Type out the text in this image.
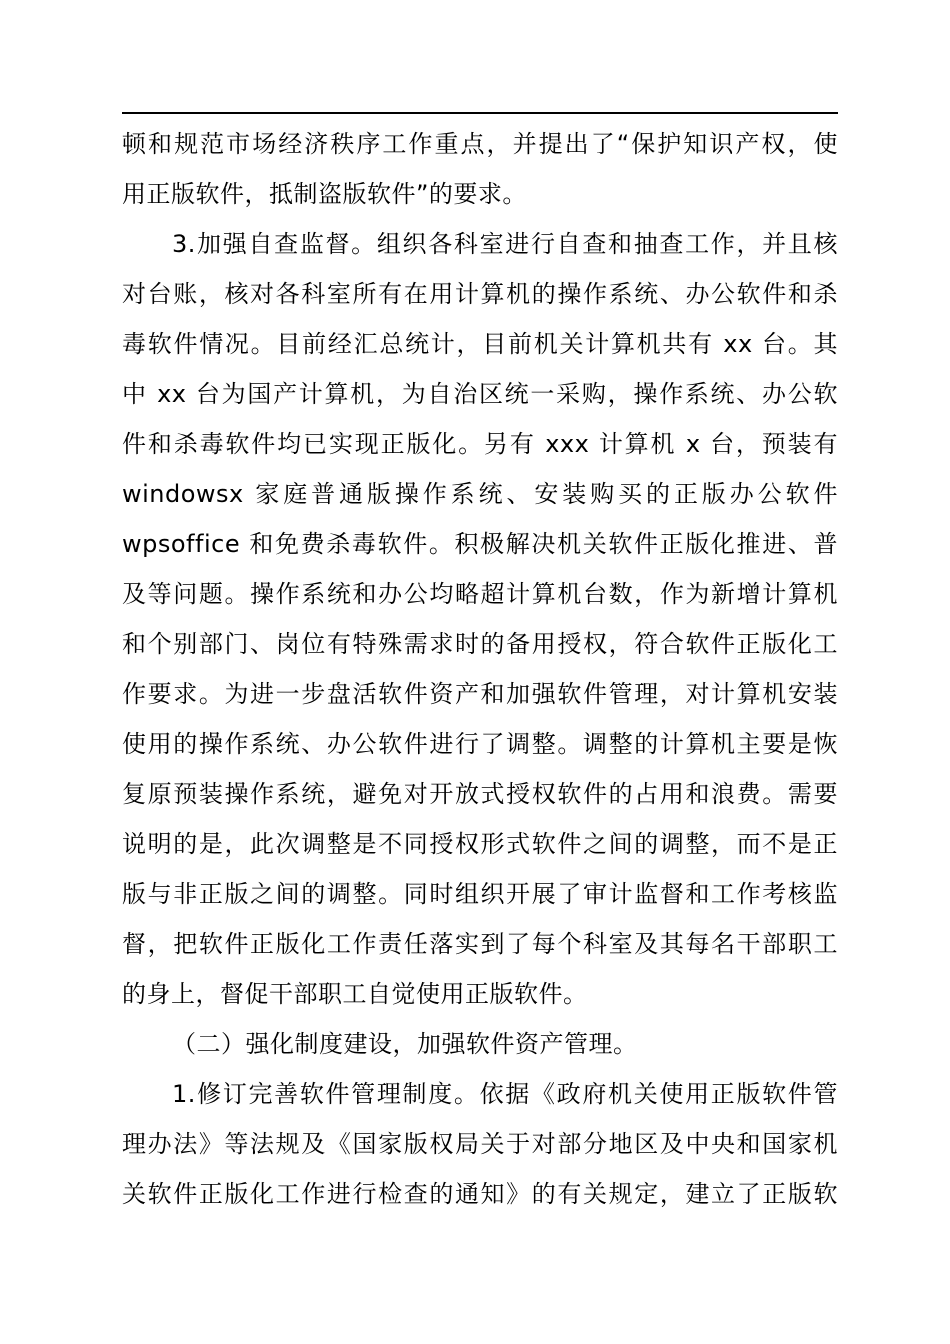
顿和规范市场经济秩序工作重点，并提出了“保护知识产权，使
用正版软件，抵制盗版软件”的要求。
3.加强自查监督。组织各科室进行自查和抽查工作，并且核
对台账，核对各科室所有在用计算机的操作系统、办公软件和杀
毒软件情况。目前经汇总统计，目前机关计算机共有 xx 台。其
中 xx 台为国产计算机，为自治区统一采购，操作系统、办公软
件和杀毒软件均已实现正版化。另有 xxx 计算机 x 台，预装有
windowsx 家庭普通版操作系统、安装购买的正版办公软件
wpsoffice 和免费杀毒软件。积极解决机关软件正版化推进、普
及等问题。操作系统和办公均略超计算机台数，作为新增计算机
和个别部门、岗位有特殊需求时的备用授权，符合软件正版化工
作要求。为进一步盘活软件资产和加强软件管理，对计算机安装
使用的操作系统、办公软件进行了调整。调整的计算机主要是恢
复原预装操作系统，避免对开放式授权软件的占用和浪费。需要
说明的是，此次调整是不同授权形式软件之间的调整，而不是正
版与非正版之间的调整。同时组织开展了审计监督和工作考核监
督，把软件正版化工作责任落实到了每个科室及其每名干部职工
的身上，督促干部职工自觉使用正版软件。
（二）强化制度建设，加强软件资产管理。
1.修订完善软件管理制度。依据《政府机关使用正版软件管
理办法》等法规及《国家版权局关于对部分地区及中央和国家机
关软件正版化工作进行检查的通知》的有关规定，建立了正版软
